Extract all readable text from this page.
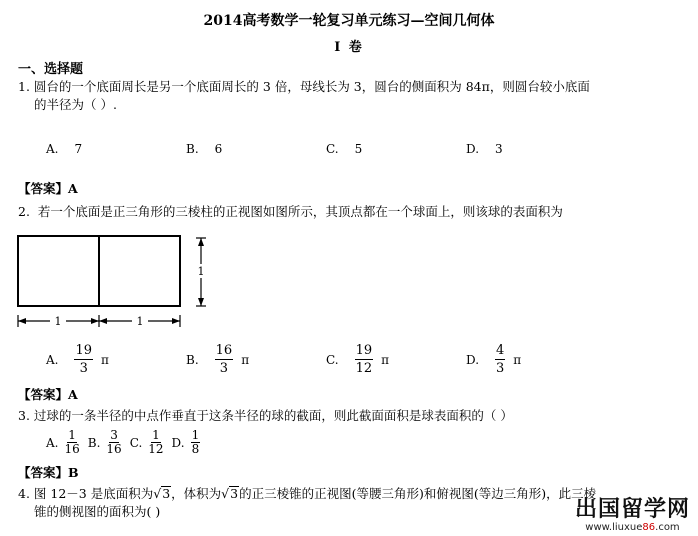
2014高考数学一轮复习单元练习—空间几何体
I 卷
一、选择题
1. 圆台的一个底面周长是另一个底面周长的 3 倍，母线长为 3，圆台的侧面积为 84π，则圆台较小底面
的半径为（ ）.
A. 7	B. 6	C. 5	D. 3
【答案】A
2. 若一个底面是正三角形的三棱柱的正视图如图所示，其顶点都在一个球面上，则该球的表面积为
1	1
1
A. $\frac{19}{3}$ π	B. $\frac{16}{3}$ π	C. $\frac{19}{12}$ π	D. $\frac{4}{3}$ π
【答案】A
3. 过球的一条半径的中点作垂直于这条半径的球的截面，则此截面面积是球表面积的（ ）
A. $\frac{1}{16} B$. $\frac{3}{16} C$. $\frac{1}{12} D$. $\frac{1}{8}$
【答案】B
4. 图 12－3 是底面积为√3，体积为√3的正三棱锥的正视图(等腰三角形)和俯视图(等边三角形)，此三棱
锥的侧视图的面积为( )	出国留学网
www.liuxue86.com
